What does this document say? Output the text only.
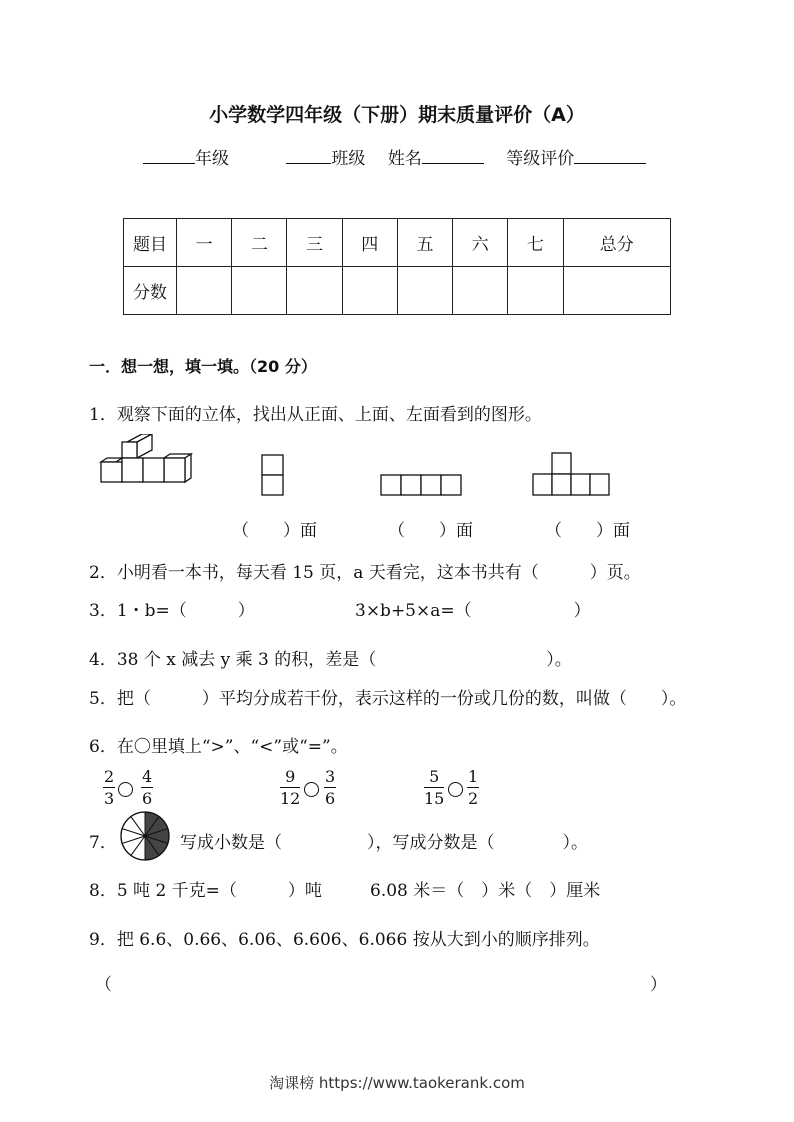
小学数学四年级（下册）期末质量评价（A）
年级	班级 姓名	等级评价
题目	一	二	三	四	五	六	七	总分
分数								
一．想一想，填一填。（20 分）
1．观察下面的立体，找出从正面、上面、左面看到的图形。
（　　）面	（　　）面	（　　）面
2．小明看一本书，每天看 15 页，a 天看完，这本书共有（　　　）页。
3．1・b=（　　　）	3×b+5×a=（　　　　　　）
4．38 个 x 减去 y 乘 3 的积，差是（　　　　　　　　　　）。
5．把（　　　）平均分成若干份，表示这样的一份或几份的数，叫做（　　）。
6．在〇里填上“>”、“<”或“=”。
$\frac{2}{3} \frac{4}{6}$	$\frac{9}{12} \frac{3}{6}$	$\frac{5}{15} \frac{1}{2}$
7．	写成小数是（　　　　　），写成分数是（　　　　）。
8．5 吨 2 千克=（　　　）吨	6.08 米＝（　）米（　）厘米
9．把 6.6、0.66、6.06、6.606、6.066 按从大到小的顺序排列。
（	）
淘课榜 https://www.taokerank.com
